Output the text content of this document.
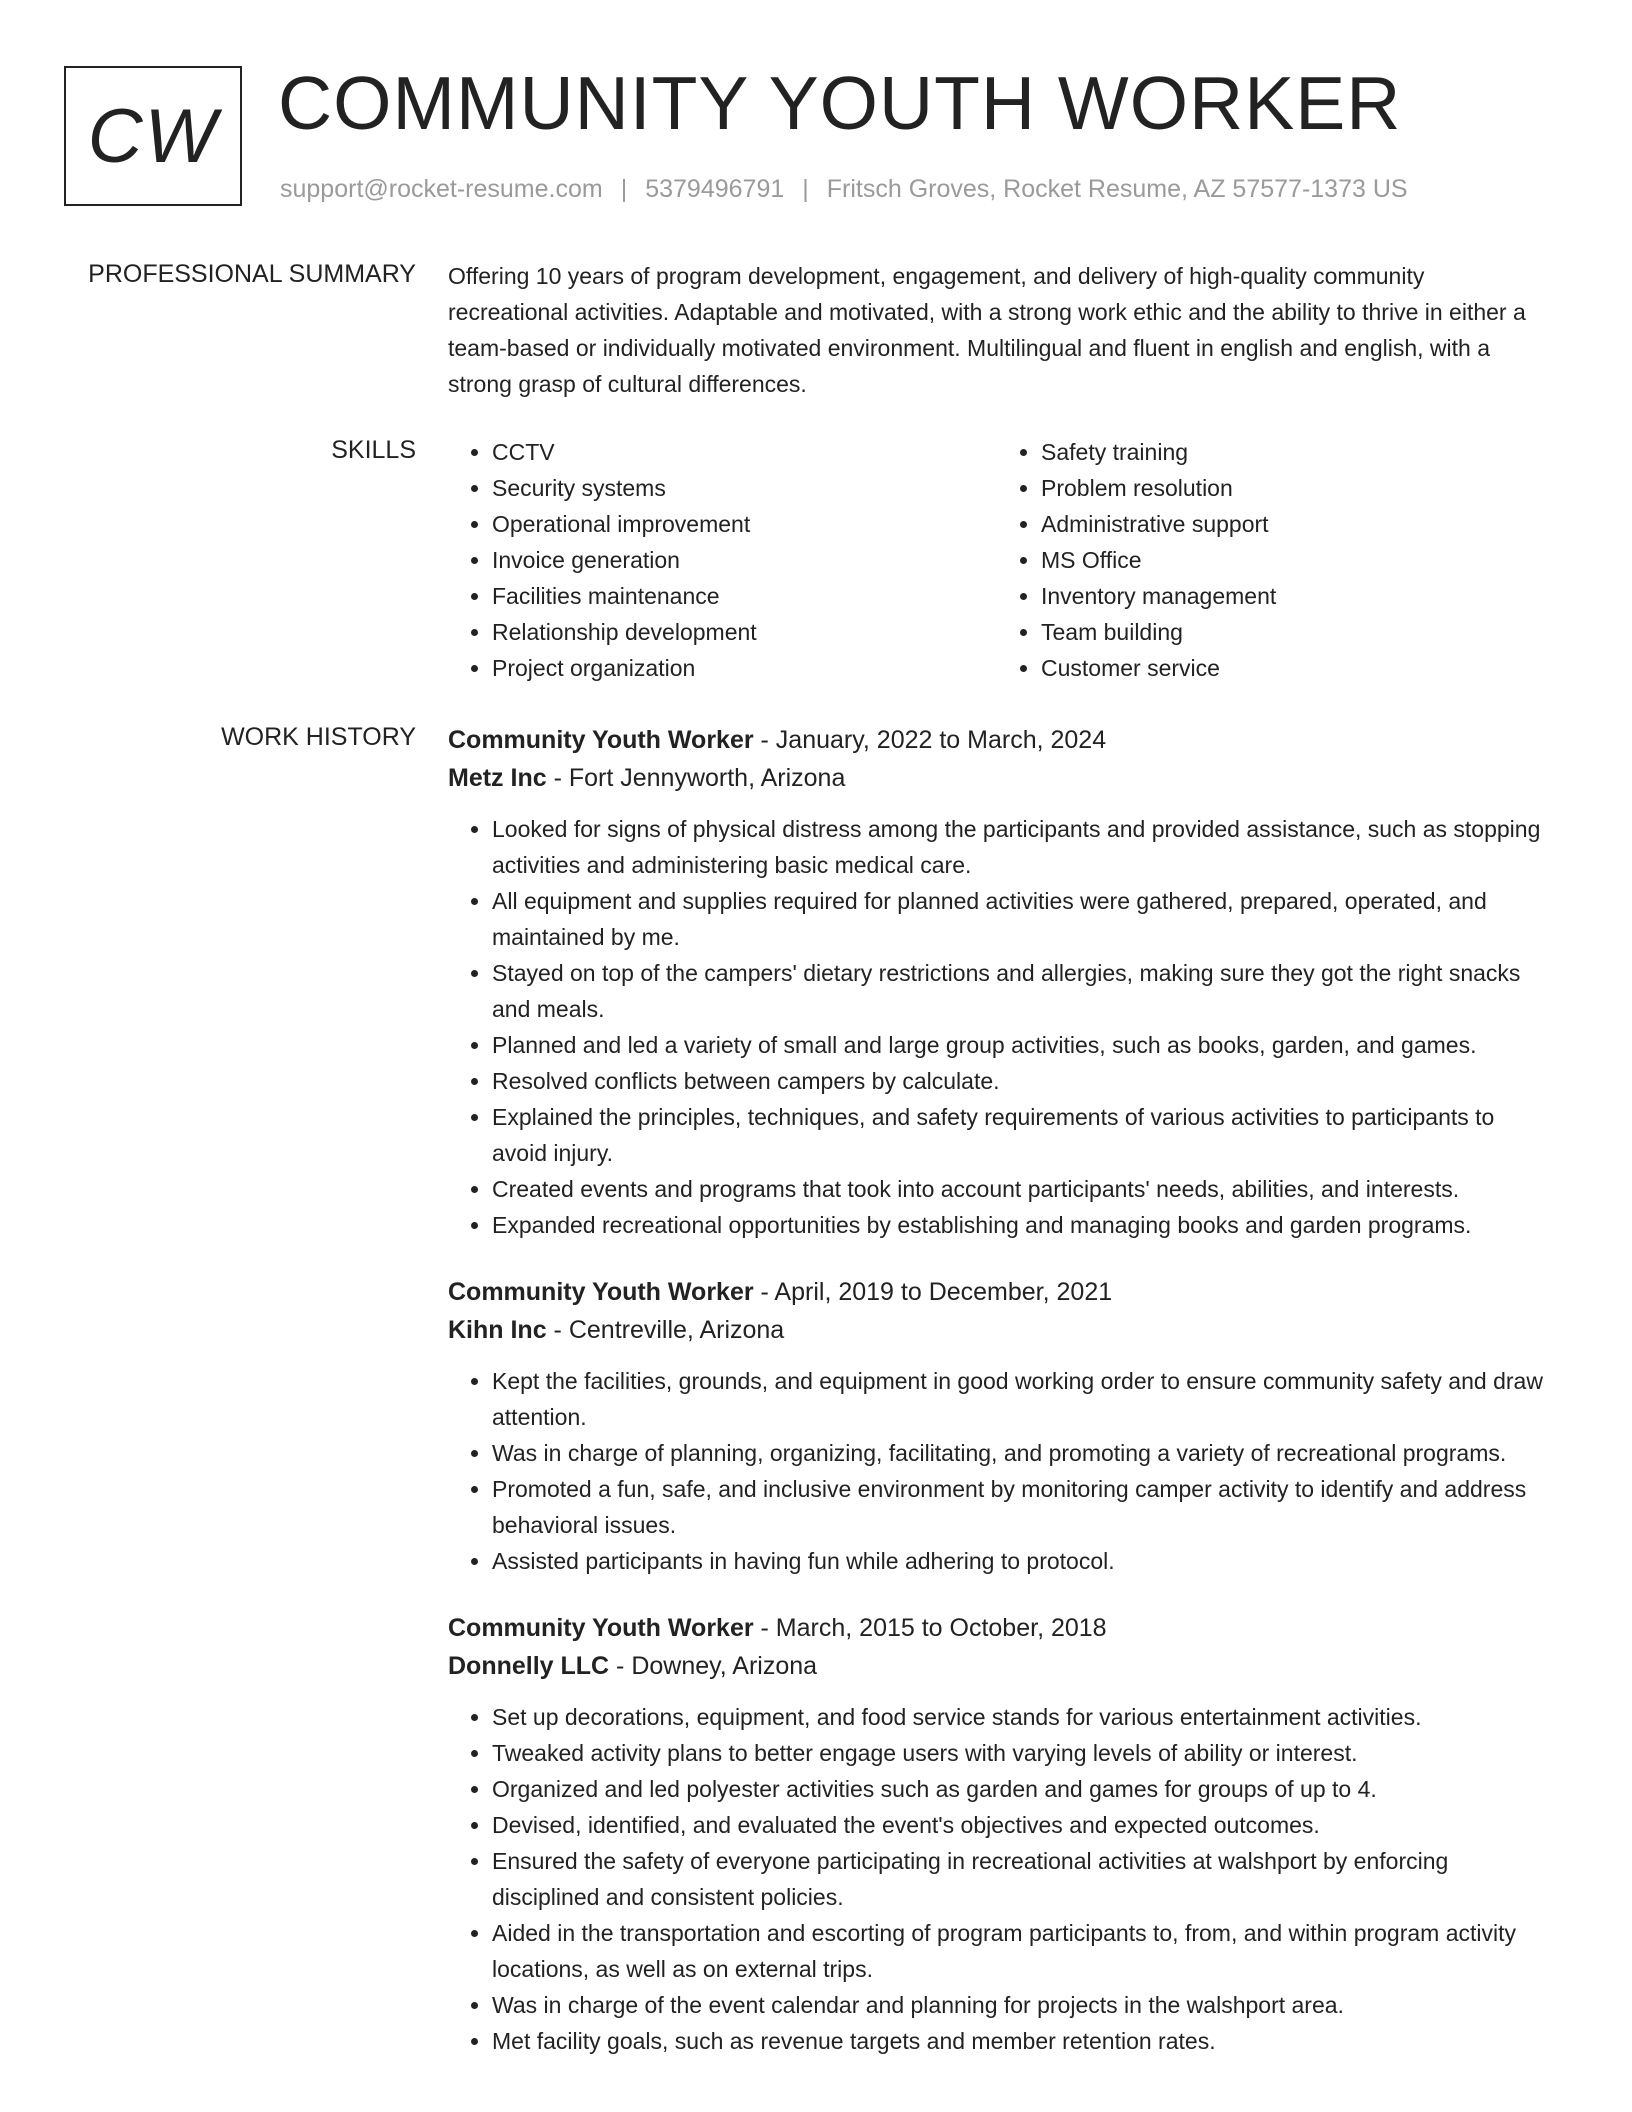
CW COMMUNITY YOUTH WORKER
support@rocket-resume.com | 5379496791 | Fritsch Groves, Rocket Resume, AZ 57577-1373 US
PROFESSIONAL SUMMARY Offering 10 years of program development, engagement, and delivery of high-quality community recreational activities. Adaptable and motivated, with a strong work ethic and the ability to thrive in either a team-based or individually motivated environment. Multilingual and fluent in english and english, with a strong grasp of cultural differences.
SKILLS
•	CCTV
• Security systems
• Operational improvement
• Invoice generation
• Facilities maintenance
• Relationship development
• Project organization
• Safety training
• Problem resolution
• Administrative support
• MS Office
• Inventory management
• Team building
• Customer service
WORK HISTORY Community Youth Worker - January, 2022 to March, 2024
Metz Inc - Fort Jennyworth, Arizona
• Looked for signs of physical distress among the participants and provided assistance, such as stopping activities and administering basic medical care.
• All equipment and supplies required for planned activities were gathered, prepared, operated, and maintained by me.
• Stayed on top of the campers' dietary restrictions and allergies, making sure they got the right snacks and meals.
• Planned and led a variety of small and large group activities, such as books, garden, and games.
• Resolved conflicts between campers by calculate.
• Explained the principles, techniques, and safety requirements of various activities to participants to avoid injury.
• Created events and programs that took into account participants' needs, abilities, and interests.
• Expanded recreational opportunities by establishing and managing books and garden programs.
Community Youth Worker - April, 2019 to December, 2021
Kihn Inc - Centreville, Arizona
• Kept the facilities, grounds, and equipment in good working order to ensure community safety and draw attention.
• Was in charge of planning, organizing, facilitating, and promoting a variety of recreational programs.
• Promoted a fun, safe, and inclusive environment by monitoring camper activity to identify and address behavioral issues.
• Assisted participants in having fun while adhering to protocol.
Community Youth Worker - March, 2015 to October, 2018
Donnelly LLC - Downey, Arizona
• Set up decorations, equipment, and food service stands for various entertainment activities.
• Tweaked activity plans to better engage users with varying levels of ability or interest.
• Organized and led polyester activities such as garden and games for groups of up to 4.
• Devised, identified, and evaluated the event's objectives and expected outcomes.
• Ensured the safety of everyone participating in recreational activities at walshport by enforcing disciplined and consistent policies.
• Aided in the transportation and escorting of program participants to, from, and within program activity locations, as well as on external trips.
• Was in charge of the event calendar and planning for projects in the walshport area.
• Met facility goals, such as revenue targets and member retention rates.
